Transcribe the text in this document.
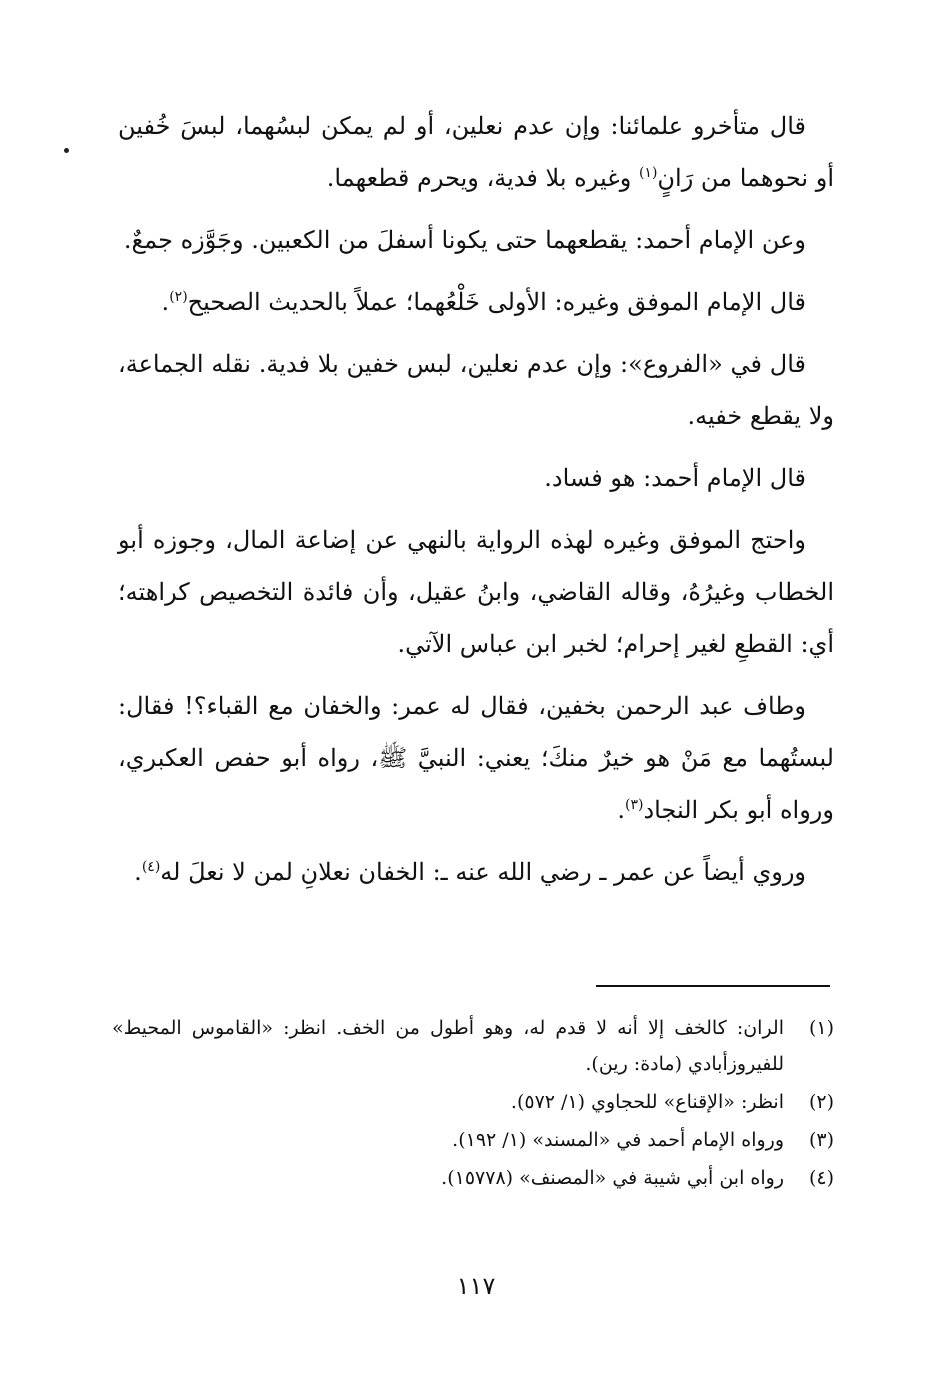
قال متأخرو علمائنا: وإن عدم نعلين، أو لم يمكن لبسُهما، لبسَ خُفين أو نحوهما من رَانٍ$^{(١)}$ وغيره بلا فدية، ويحرم قطعهما.

وعن الإمام أحمد: يقطعهما حتى يكونا أسفلَ من الكعبين. وجَوَّزه جمعٌ.

قال الإمام الموفق وغيره: الأولى خَلْعُهما؛ عملاً بالحديث الصحيح$^{(٢)}$.

قال في «الفروع»: وإن عدم نعلين، لبس خفين بلا فدية. نقله الجماعة، ولا يقطع خفيه.

قال الإمام أحمد: هو فساد.

واحتج الموفق وغيره لهذه الرواية بالنهي عن إضاعة المال، وجوزه أبو الخطاب وغيرُهُ، وقاله القاضي، وابنُ عقيل، وأن فائدة التخصيص كراهته؛ أي: القطعِ لغير إحرام؛ لخبر ابن عباس الآتي.

وطاف عبد الرحمن بخفين، فقال له عمر: والخفان مع القباء؟! فقال: لبستُهما مع مَنْ هو خيرٌ منكَ؛ يعني: النبيَّ ﷺ، رواه أبو حفص العكبري، ورواه أبو بكر النجاد$^{(٣)}$.

وروي أيضاً عن عمر ـ رضي الله عنه ـ: الخفان نعلانِ لمن لا نعلَ له$^{(٤)}$.

(١)
الران: كالخف إلا أنه لا قدم له، وهو أطول من الخف. انظر: «القاموس المحيط» للفيروزأبادي (مادة: رين).
(٢)
انظر: «الإقناع» للحجاوي (١/ ٥٧٢).
(٣)
ورواه الإمام أحمد في «المسند» (١/ ١٩٢).
(٤)
رواه ابن أبي شيبة في «المصنف» (١٥٧٧٨).
١١٧
